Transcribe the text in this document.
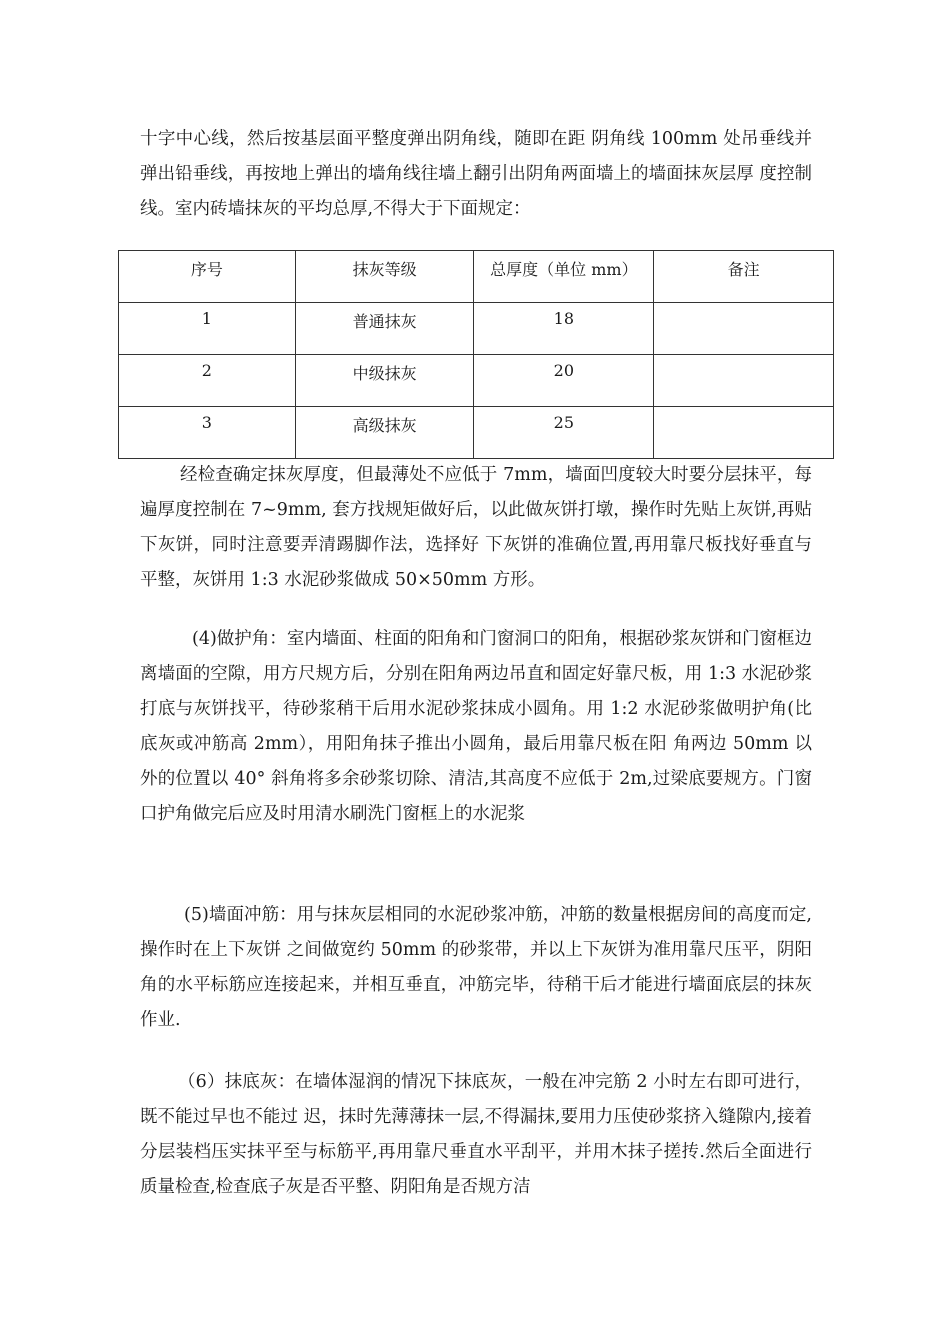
十字中心线，然后按基层面平整度弹出阴角线，随即在距 阴角线 100mm 处吊垂线并弹出铅垂线，再按地上弹出的墙角线往墙上翻引出阴角两面墙上的墙面抹灰层厚 度控制线。室内砖墙抹灰的平均总厚,不得大于下面规定：

序号	抹灰等级	总厚度（单位 mm）	备注
1	普通抹灰	18	
2	中级抹灰	20	
3	高级抹灰	25	

经检查确定抹灰厚度，但最薄处不应低于 7mm，墙面凹度较大时要分层抹平，每遍厚度控制在 7~9mm, 套方找规矩做好后，以此做灰饼打墩，操作时先贴上灰饼,再贴下灰饼，同时注意要弄清踢脚作法，选择好 下灰饼的准确位置,再用靠尺板找好垂直与平整，灰饼用 1:3 水泥砂浆做成 50×50mm 方形。

(4)做护角：室内墙面、柱面的阳角和门窗洞口的阳角，根据砂浆灰饼和门窗框边离墙面的空隙，用方尺规方后，分别在阳角两边吊直和固定好靠尺板，用 1:3 水泥砂浆打底与灰饼找平，待砂浆稍干后用水泥砂浆抹成小圆角。用 1:2 水泥砂浆做明护角(比底灰或冲筋高 2mm），用阳角抹子推出小圆角，最后用靠尺板在阳 角两边 50mm 以外的位置以 40° 斜角将多余砂浆切除、清洁,其高度不应低于 2m,过梁底要规方。门窗口护角做完后应及时用清水刷洗门窗框上的水泥浆

(5)墙面冲筋：用与抹灰层相同的水泥砂浆冲筋，冲筋的数量根据房间的高度而定,操作时在上下灰饼 之间做宽约 50mm 的砂浆带，并以上下灰饼为准用靠尺压平，阴阳角的水平标筋应连接起来，并相互垂直，冲筋完毕，待稍干后才能进行墙面底层的抹灰作业.

（6）抹底灰：在墙体湿润的情况下抹底灰，一般在冲完筋 2 小时左右即可进行，既不能过早也不能过 迟，抹时先薄薄抹一层,不得漏抹,要用力压使砂浆挤入缝隙内,接着分层装档压实抹平至与标筋平,再用靠尺垂直水平刮平，并用木抹子搓抟.然后全面进行质量检查,检查底子灰是否平整、阴阳角是否规方洁
